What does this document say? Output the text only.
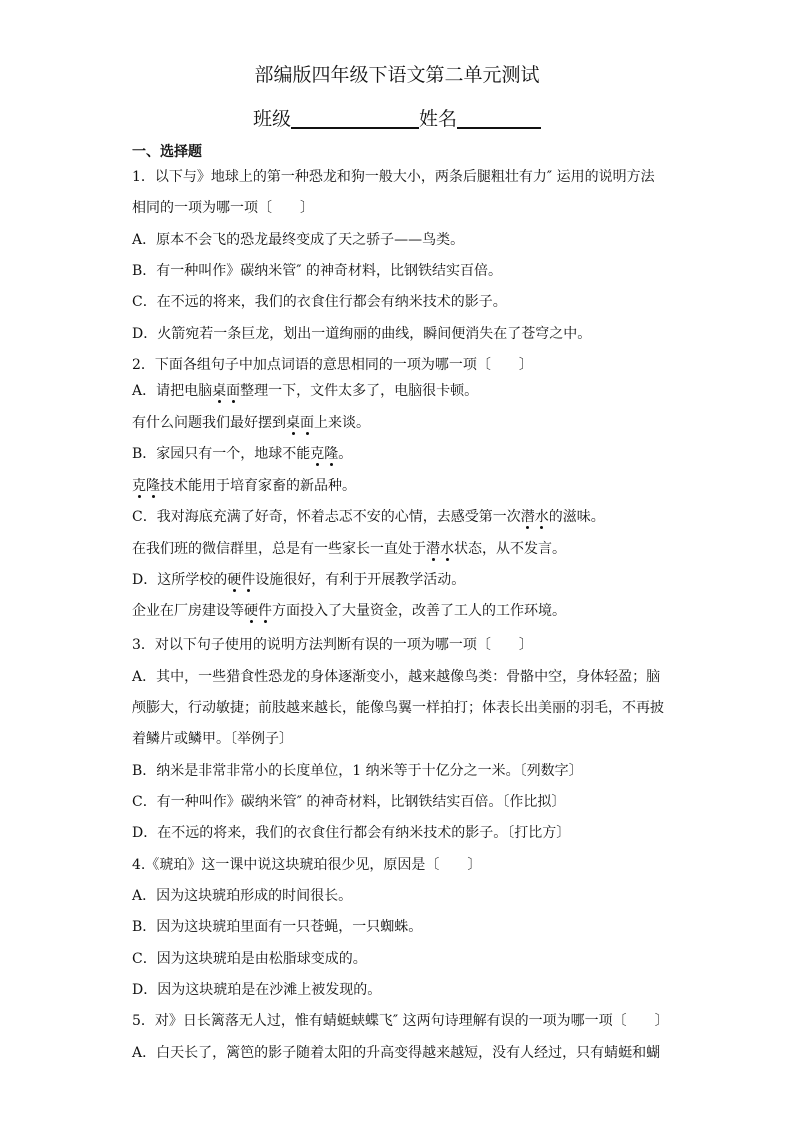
部编版四年级下语文第二单元测试
班级	姓名
一、选择题
1．以下与》地球上的第一种恐龙和狗一般大小，两条后腿粗壮有力″ 运用的说明方法
相同的一项为哪一项〔　　〕
A．原本不会飞的恐龙最终变成了天之骄子——鸟类。
B．有一种叫作》碳纳米管″ 的神奇材料，比钢铁结实百倍。
C．在不远的将来，我们的衣食住行都会有纳米技术的影子。
D．火箭宛若一条巨龙，划出一道绚丽的曲线，瞬间便消失在了苍穹之中。
2．下面各组句子中加点词语的意思相同的一项为哪一项〔　　〕
A．请把电脑桌面整理一下，文件太多了，电脑很卡顿。
有什么问题我们最好摆到桌面上来谈。
B．家园只有一个，地球不能克隆。
克隆技术能用于培育家畜的新品种。
C．我对海底充满了好奇，怀着忐忑不安的心情，去感受第一次潜水的滋味。
在我们班的微信群里，总是有一些家长一直处于潜水状态，从不发言。
D．这所学校的硬件设施很好，有利于开展教学活动。
企业在厂房建设等硬件方面投入了大量资金，改善了工人的工作环境。
3．对以下句子使用的说明方法判断有误的一项为哪一项〔　　〕
A．其中，一些猎食性恐龙的身体逐渐变小，越来越像鸟类：骨骼中空，身体轻盈；脑
颅膨大，行动敏捷；前肢越来越长，能像鸟翼一样拍打；体表长出美丽的羽毛，不再披
着鳞片或鳞甲。〔举例子〕
B．纳米是非常非常小的长度单位，1 纳米等于十亿分之一米。〔列数字〕
C．有一种叫作》碳纳米管″ 的神奇材料，比钢铁结实百倍。〔作比拟〕
D．在不远的将来，我们的衣食住行都会有纳米技术的影子。〔打比方〕
4.《琥珀》这一课中说这块琥珀很少见，原因是〔　　〕
A．因为这块琥珀形成的时间很长。
B．因为这块琥珀里面有一只苍蝇，一只蜘蛛。
C．因为这块琥珀是由松脂球变成的。
D．因为这块琥珀是在沙滩上被发现的。
5．对》日长篱落无人过，惟有蜻蜓蛱蝶飞″ 这两句诗理解有误的一项为哪一项〔　　〕
A．白天长了，篱笆的影子随着太阳的升高变得越来越短，没有人经过，只有蜻蜓和蝴
